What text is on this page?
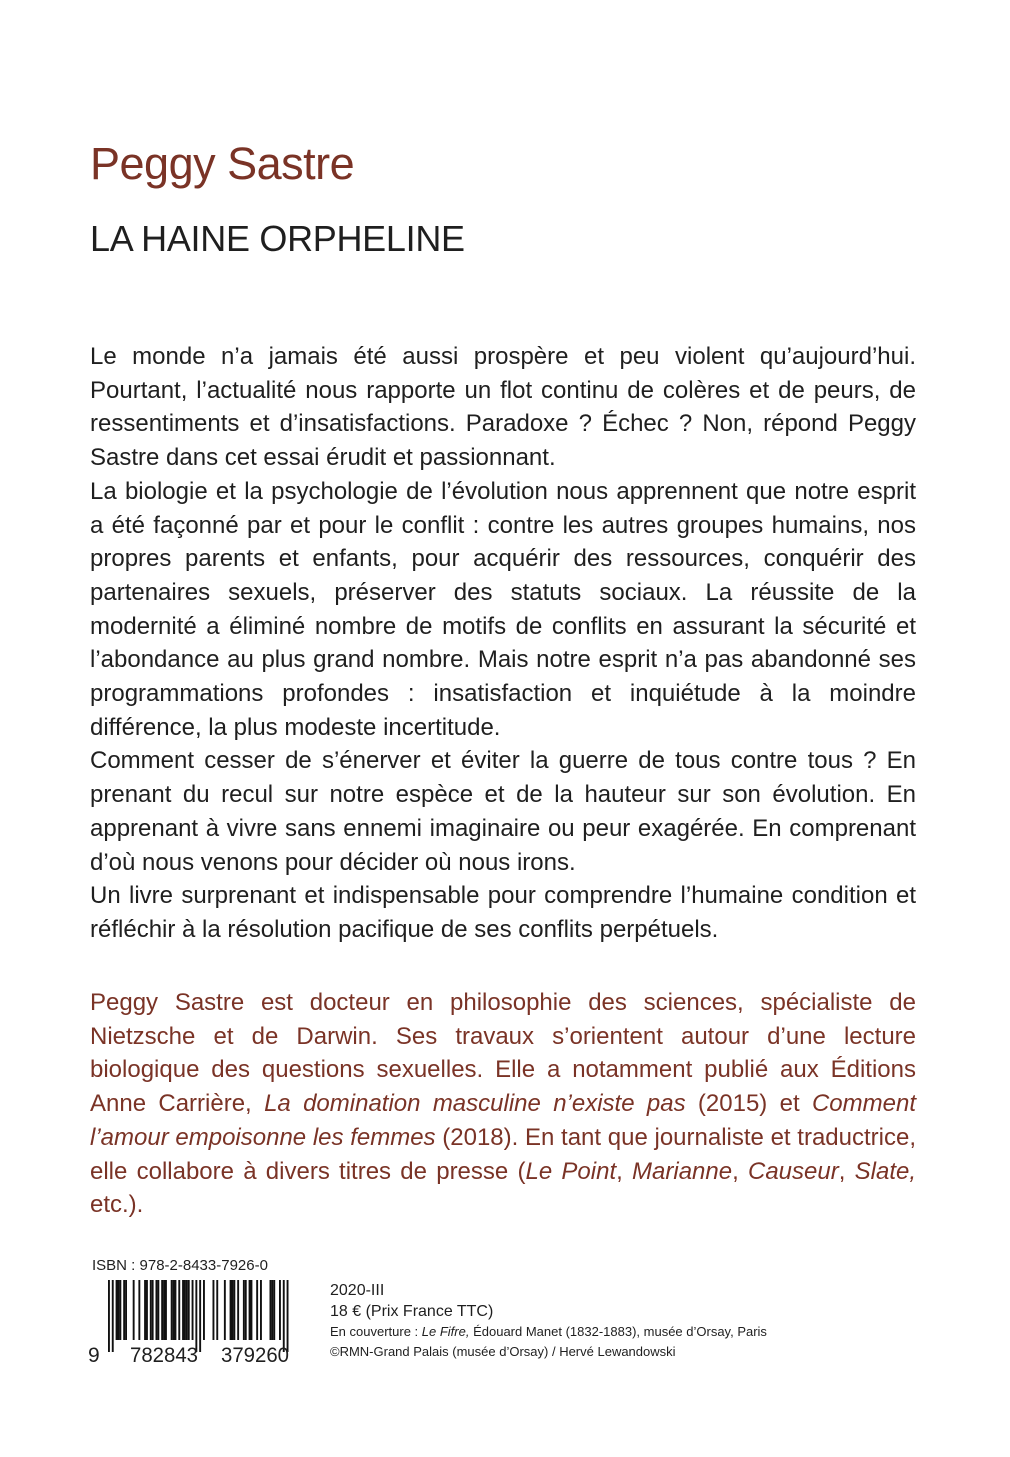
Peggy Sastre
LA HAINE ORPHELINE

Le monde n’a jamais été aussi prospère et peu violent qu’aujourd’hui. Pourtant, l’actualité nous rapporte un flot continu de colères et de peurs, de ressentiments et d’insatisfactions. Paradoxe ? Échec ? Non, répond Peggy Sastre dans cet essai érudit et passionnant.

La biologie et la psychologie de l’évolution nous apprennent que notre esprit a été façonné par et pour le conflit : contre les autres groupes humains, nos propres parents et enfants, pour acquérir des ressources, conquérir des partenaires sexuels, préserver des statuts sociaux. La réussite de la modernité a éliminé nombre de motifs de conflits en assurant la sécurité et l’abondance au plus grand nombre. Mais notre esprit n’a pas abandonné ses programmations profondes : insatisfaction et inquiétude à la moindre différence, la plus modeste incertitude.

Comment cesser de s’énerver et éviter la guerre de tous contre tous ? En prenant du recul sur notre espèce et de la hauteur sur son évolution. En apprenant à vivre sans ennemi imaginaire ou peur exagérée. En comprenant d’où nous venons pour décider où nous irons.

Un livre surprenant et indispensable pour comprendre l’humaine condition et réfléchir à la résolution pacifique de ses conflits perpétuels.

Peggy Sastre est docteur en philosophie des sciences, spécialiste de Nietzsche et de Darwin. Ses travaux s’orientent autour d’une lecture biologique des questions sexuelles. Elle a notamment publié aux Éditions Anne Carrière, La domination masculine n’existe pas (2015) et Comment l’amour empoisonne les femmes (2018). En tant que journaliste et traductrice, elle collabore à divers titres de presse (Le Point, Marianne, Causeur, Slate, etc.).

ISBN : 978-2-8433-7926-0
9 782843 379260
2020-III
18 € (Prix France TTC)
En couverture : Le Fifre, Édouard Manet (1832-1883), musée d’Orsay, Paris
©RMN-Grand Palais (musée d’Orsay) / Hervé Lewandowski
